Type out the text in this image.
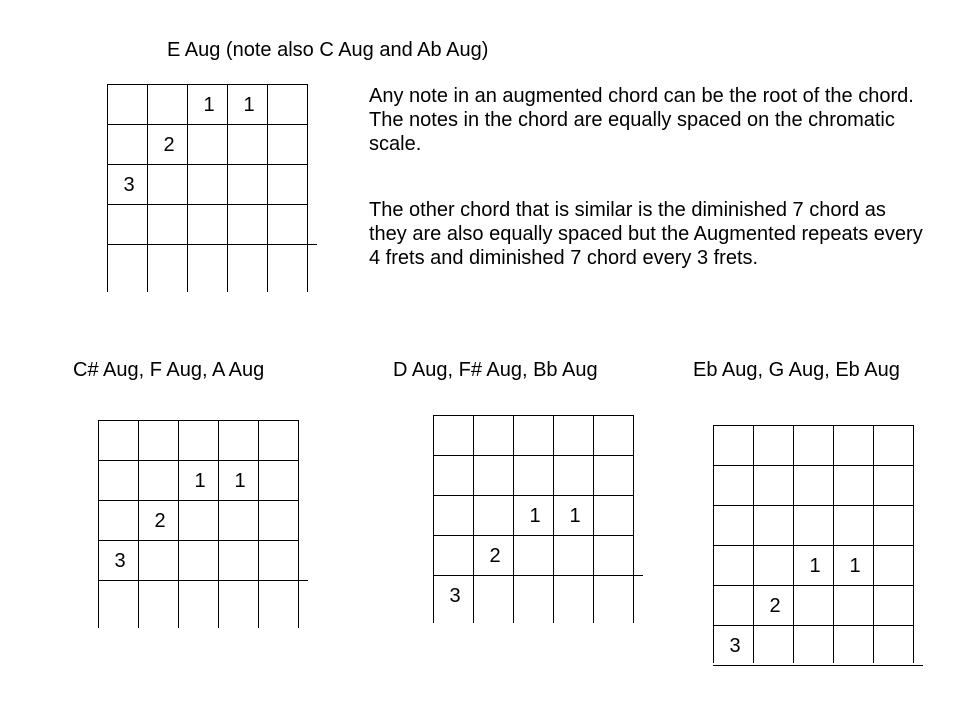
E Aug (note also C Aug and Ab Aug)
Any note in an augmented chord can be the root of the chord. The notes in the chord are equally spaced on the chromatic scale.
The other chord that is similar is the diminished 7 chord as they are also equally spaced but the Augmented repeats every 4 frets and diminished 7 chord every 3 frets.
C# Aug, F Aug, A Aug	D Aug, F# Aug, Bb Aug	Eb Aug, G Aug, Eb Aug
1 1
2
3
1 1
2
3
1 1
2
3
1 1
2
3
